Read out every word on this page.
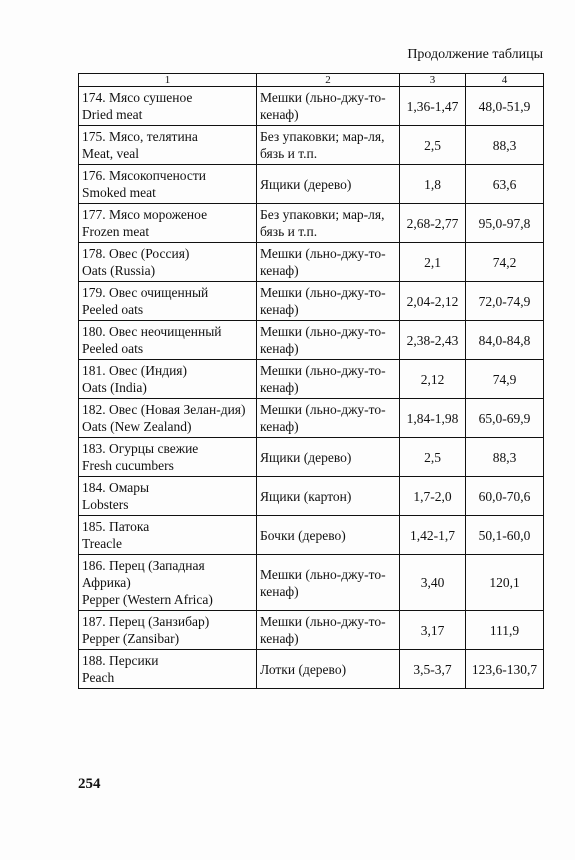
Продолжение таблицы
1	2	3	4

174. Мясо сушеное
Dried meat	Мешки (льно-джу-то-кенаф)	1,36-1,47	48,0-51,9

175. Мясо, телятина
Meat, veal	Без упаковки; мар-ля, бязь и т.п.	2,5	88,3

176. Мясокопчености
Smoked meat	Ящики (дерево)	1,8	63,6

177. Мясо мороженое
Frozen meat	Без упаковки; мар-ля, бязь и т.п.	2,68-2,77	95,0-97,8

178. Овес (Россия)
Oats (Russia)	Мешки (льно-джу-то-кенаф)	2,1	74,2

179. Овес очищенный
Peeled oats	Мешки (льно-джу-то-кенаф)	2,04-2,12	72,0-74,9

180. Овес неочищенный
Peeled oats	Мешки (льно-джу-то-кенаф)	2,38-2,43	84,0-84,8

181. Овес (Индия)
Oats (India)	Мешки (льно-джу-то-кенаф)	2,12	74,9

182. Овес (Новая Зелан-дия)
Oats (New Zealand)	Мешки (льно-джу-то-кенаф)	1,84-1,98	65,0-69,9

183. Огурцы свежие
Fresh cucumbers	Ящики (дерево)	2,5	88,3

184. Омары
Lobsters	Ящики (картон)	1,7-2,0	60,0-70,6

185. Патока
Treacle	Бочки (дерево)	1,42-1,7	50,1-60,0

186. Перец (Западная Африка)
Pepper (Western Africa)	Мешки (льно-джу-то-кенаф)	3,40	120,1

187. Перец (Занзибар)
Pepper (Zansibar)	Мешки (льно-джу-то-кенаф)	3,17	111,9

188. Персики
Peach	Лотки (дерево)	3,5-3,7	123,6-130,7
254
